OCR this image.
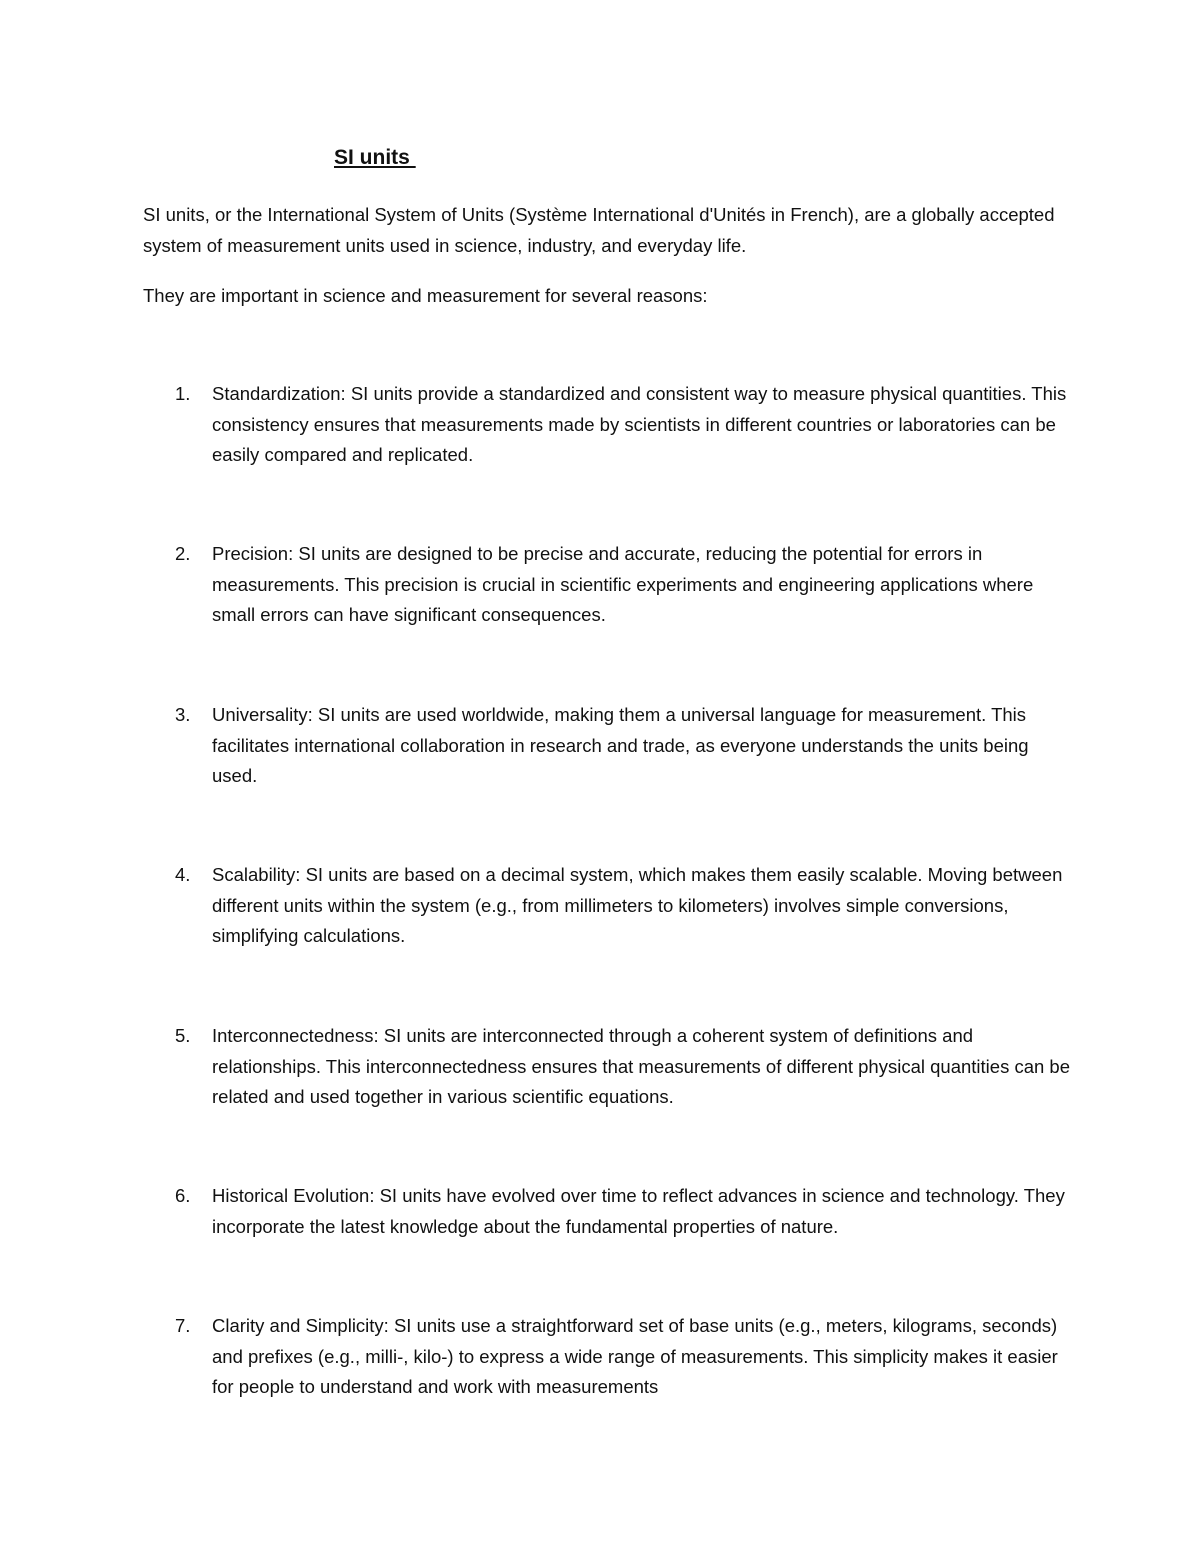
SI units

SI units, or the International System of Units (Système International d'Unités in French), are a globally accepted system of measurement units used in science, industry, and everyday life.

They are important in science and measurement for several reasons:

1. Standardization: SI units provide a standardized and consistent way to measure physical quantities. This consistency ensures that measurements made by scientists in different countries or laboratories can be easily compared and replicated.
2. Precision: SI units are designed to be precise and accurate, reducing the potential for errors in measurements. This precision is crucial in scientific experiments and engineering applications where small errors can have significant consequences.
3. Universality: SI units are used worldwide, making them a universal language for measurement. This facilitates international collaboration in research and trade, as everyone understands the units being used.
4. Scalability: SI units are based on a decimal system, which makes them easily scalable. Moving between different units within the system (e.g., from millimeters to kilometers) involves simple conversions, simplifying calculations.
5. Interconnectedness: SI units are interconnected through a coherent system of definitions and relationships. This interconnectedness ensures that measurements of different physical quantities can be related and used together in various scientific equations.
6. Historical Evolution: SI units have evolved over time to reflect advances in science and technology. They incorporate the latest knowledge about the fundamental properties of nature.
7. Clarity and Simplicity: SI units use a straightforward set of base units (e.g., meters, kilograms, seconds) and prefixes (e.g., milli-, kilo-) to express a wide range of measurements. This simplicity makes it easier for people to understand and work with measurements
